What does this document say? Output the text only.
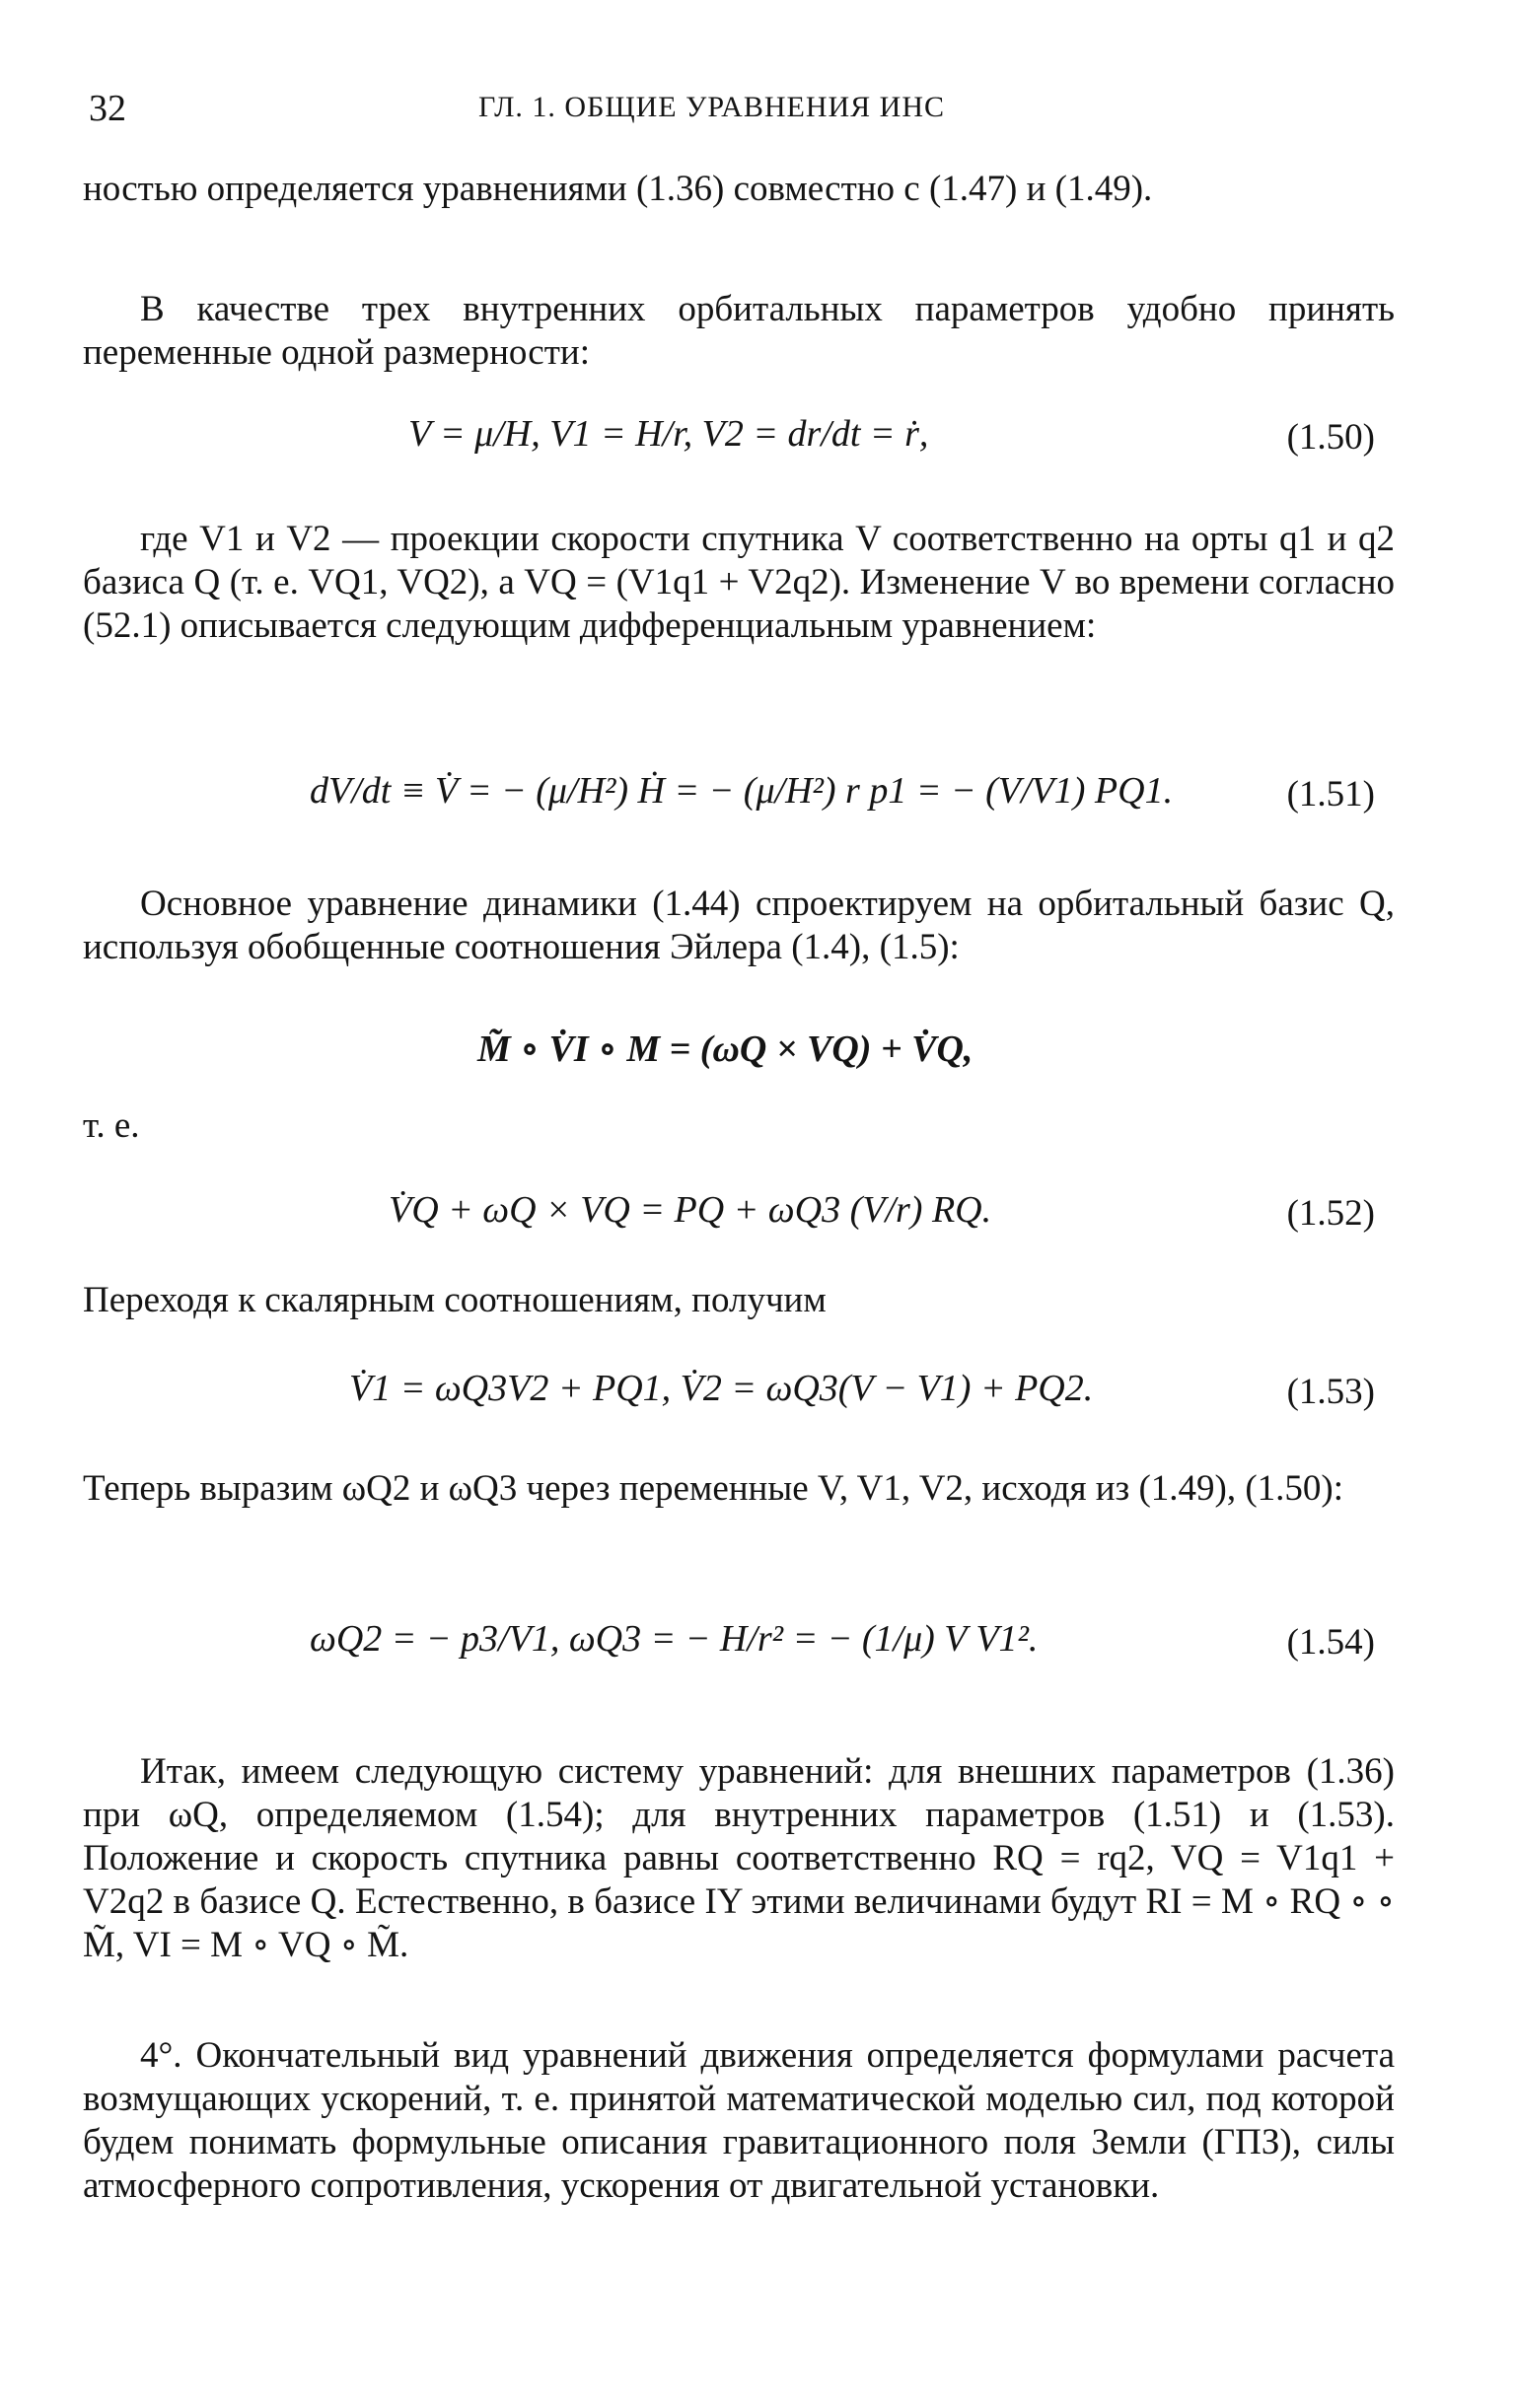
32	ГЛ. 1. ОБЩИЕ УРАВНЕНИЯ ИНС

ностью определяется уравнениями (1.36) совместно с (1.47) и (1.49).

В качестве трех внутренних орбитальных параметров удобно принять переменные одной размерности:

V = μ/H, V1 = H/r, V2 = dr/dt = ṙ,	(1.50)

где V1 и V2 — проекции скорости спутника V соответственно на орты q1 и q2 базиса Q (т. е. VQ1, VQ2), а VQ = (V1q1 + V2q2). Изменение V во времени согласно (52.1) описывается следующим дифференциальным уравнением:

dV/dt ≡ V̇ = − (μ/H²) Ḣ = − (μ/H²) r p1 = − (V/V1) PQ1.	(1.51)

Основное уравнение динамики (1.44) спроектируем на орбитальный базис Q, используя обобщенные соотношения Эйлера (1.4), (1.5):

M̃ ∘ V̇I ∘ M = (ωQ × VQ) + V̇Q,

т. е.

V̇Q + ωQ × VQ = PQ + ωQ3 (V/r) RQ.	(1.52)

Переходя к скалярным соотношениям, получим

V̇1 = ωQ3V2 + PQ1, V̇2 = ωQ3(V − V1) + PQ2.	(1.53)

Теперь выразим ωQ2 и ωQ3 через переменные V, V1, V2, исходя из (1.49), (1.50):

ωQ2 = − p3/V1, ωQ3 = − H/r² = − (1/μ) V V1².	(1.54)

Итак, имеем следующую систему уравнений: для внешних параметров (1.36) при ωQ, определяемом (1.54); для внутренних параметров (1.51) и (1.53). Положение и скорость спутника равны соответственно RQ = rq2, VQ = V1q1 + V2q2 в базисе Q. Естественно, в базисе IΥ этими величинами будут RI = M ∘ RQ ∘ ∘ M̃, VI = M ∘ VQ ∘ M̃.

4°. Окончательный вид уравнений движения определяется формулами расчета возмущающих ускорений, т. е. принятой математической моделью сил, под которой будем понимать формульные описания гравитационного поля Земли (ГПЗ), силы атмосферного сопротивления, ускорения от двигательной установки.
